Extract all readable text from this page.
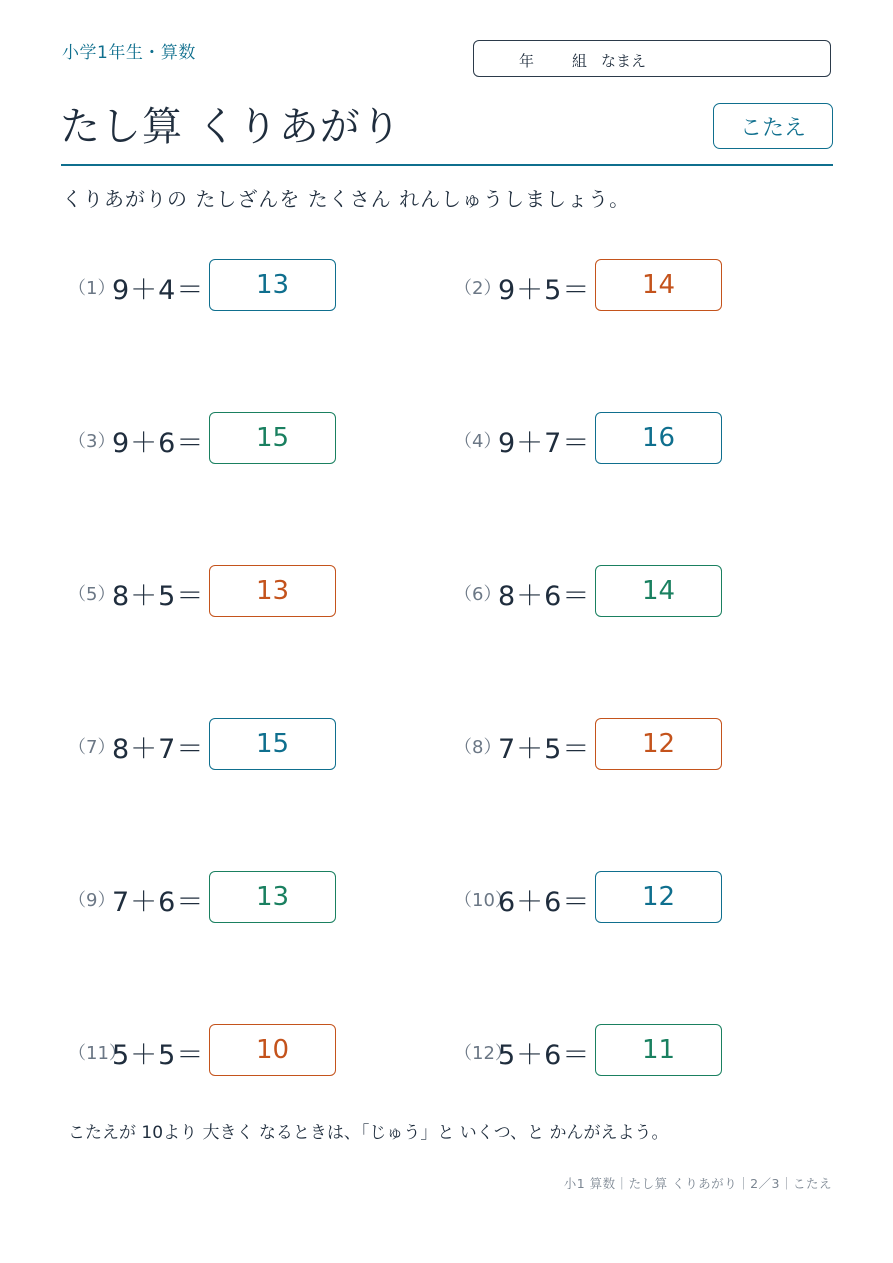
小学1年生・算数	年	組 なまえ
たし算 くりあがり	こたえ
くりあがりの たしざんを たくさん れんしゅうしましょう。
（1）
9＋4＝	13	（2）
9＋5＝	14
（3）
9＋6＝	15	（4）
9＋7＝	16
（5）
8＋5＝	13	（6）
8＋6＝	14
（7）
8＋7＝	15	（8）
7＋5＝	12
（9）
7＋6＝	13	（10）
6＋6＝	12
（11）
5＋5＝	10	（12）
5＋6＝	11
こたえが 10より 大きく なるときは、「じゅう」と いくつ、と かんがえよう。
小1 算数｜たし算 くりあがり｜2／3｜こたえ
